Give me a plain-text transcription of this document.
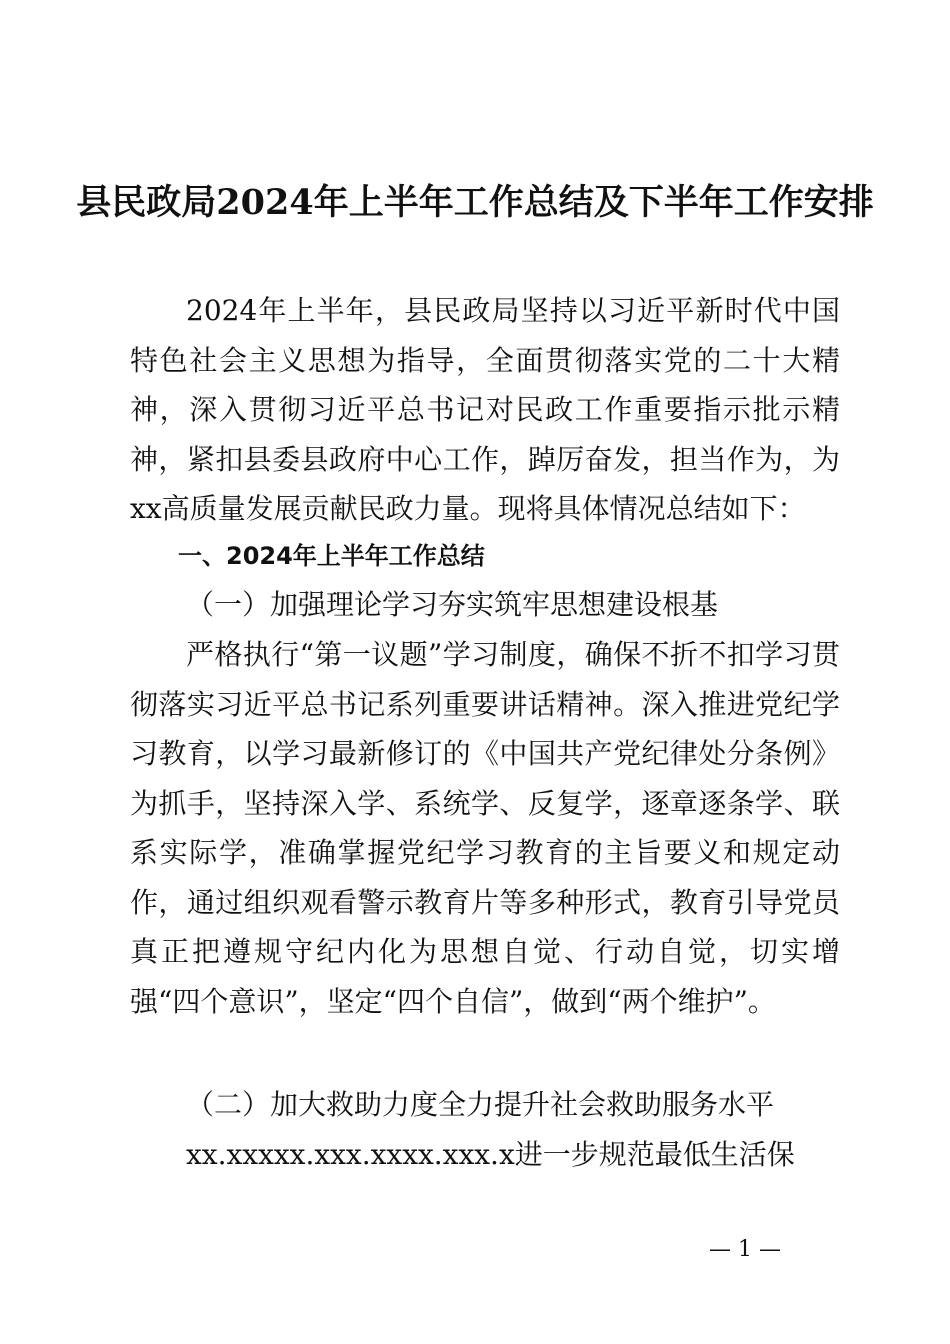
县民政局2024年上半年工作总结及下半年工作安排

2024年上半年，县民政局坚持以习近平新时代中国特色社会主义思想为指导，全面贯彻落实党的二十大精神，深入贯彻习近平总书记对民政工作重要指示批示精神，紧扣县委县政府中心工作，踔厉奋发，担当作为，为xx高质量发展贡献民政力量。现将具体情况总结如下：

一、2024年上半年工作总结
（一）加强理论学习夯实筑牢思想建设根基

严格执行“第一议题”学习制度，确保不折不扣学习贯彻落实习近平总书记系列重要讲话精神。深入推进党纪学习教育，以学习最新修订的《中国共产党纪律处分条例》为抓手，坚持深入学、系统学、反复学，逐章逐条学、联系实际学，准确掌握党纪学习教育的主旨要义和规定动作，通过组织观看警示教育片等多种形式，教育引导党员真正把遵规守纪内化为思想自觉、行动自觉，切实增强“四个意识”，坚定“四个自信”，做到“两个维护”。

（二）加大救助力度全力提升社会救助服务水平

xx.xxxxx.xxx.xxxx.xxx.x进一步规范最低生活保

— 1 —
